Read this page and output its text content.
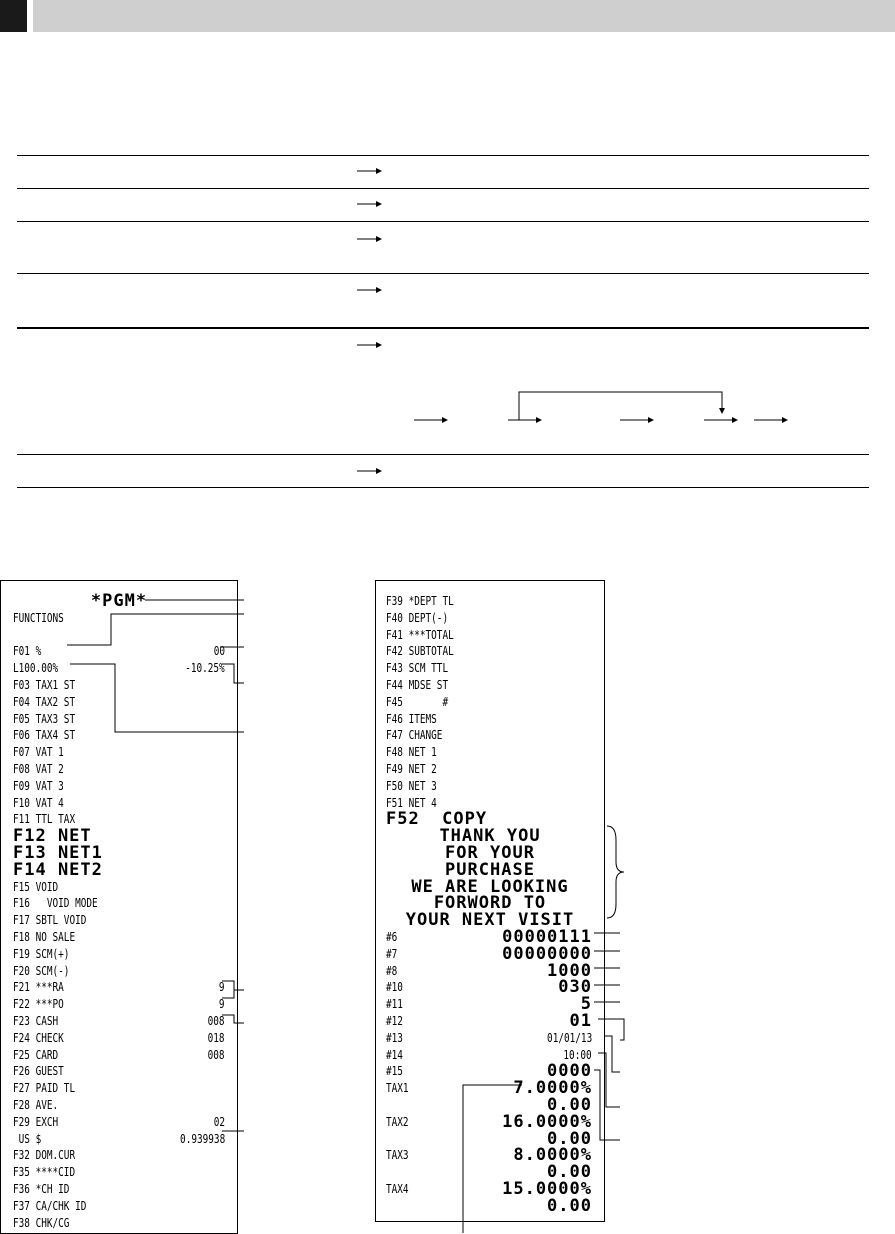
*PGM*
FUNCTIONS
F01 %	00
L100.00%	-10.25%
F03 TAX1 ST
F04 TAX2 ST
F05 TAX3 ST
F06 TAX4 ST
F07 VAT 1
F08 VAT 2
F09 VAT 3
F10 VAT 4
F11 TTL TAX
F12 NET
F13 NET1
F14 NET2
F15 VOID
F16   VOID MODE
F17 SBTL VOID
F18 NO SALE
F19 SCM(+)
F20 SCM(-)
F21 ***RA	9
F22 ***PO	9
F23 CASH	008
F24 CHECK	018
F25 CARD	008
F26 GUEST
F27 PAID TL
F28 AVE.
F29 EXCH	02
US $	0.939938
F32 DOM.CUR
F35 ****CID
F36 *CH ID
F37 CA/CHK ID
F38 CHK/CG
F39 *DEPT TL
F40 DEPT(-)
F41 ***TOTAL
F42 SUBTOTAL
F43 SCM TTL
F44 MDSE ST
F45       #
F46 ITEMS
F47 CHANGE
F48 NET 1
F49 NET 2
F50 NET 3
F51 NET 4
F52  COPY
THANK YOU
FOR YOUR
PURCHASE
WE ARE LOOKING
FORWORD TO
YOUR NEXT VISIT
#6	00000111
#7	00000000
#8	1000
#10	030
#11	5
#12	01
#13	01/01/13
#14	10:00
#15	0000
TAX1	7.0000%
0.00
TAX2	16.0000%
0.00
TAX3	8.0000%
0.00
TAX4	15.0000%
0.00
